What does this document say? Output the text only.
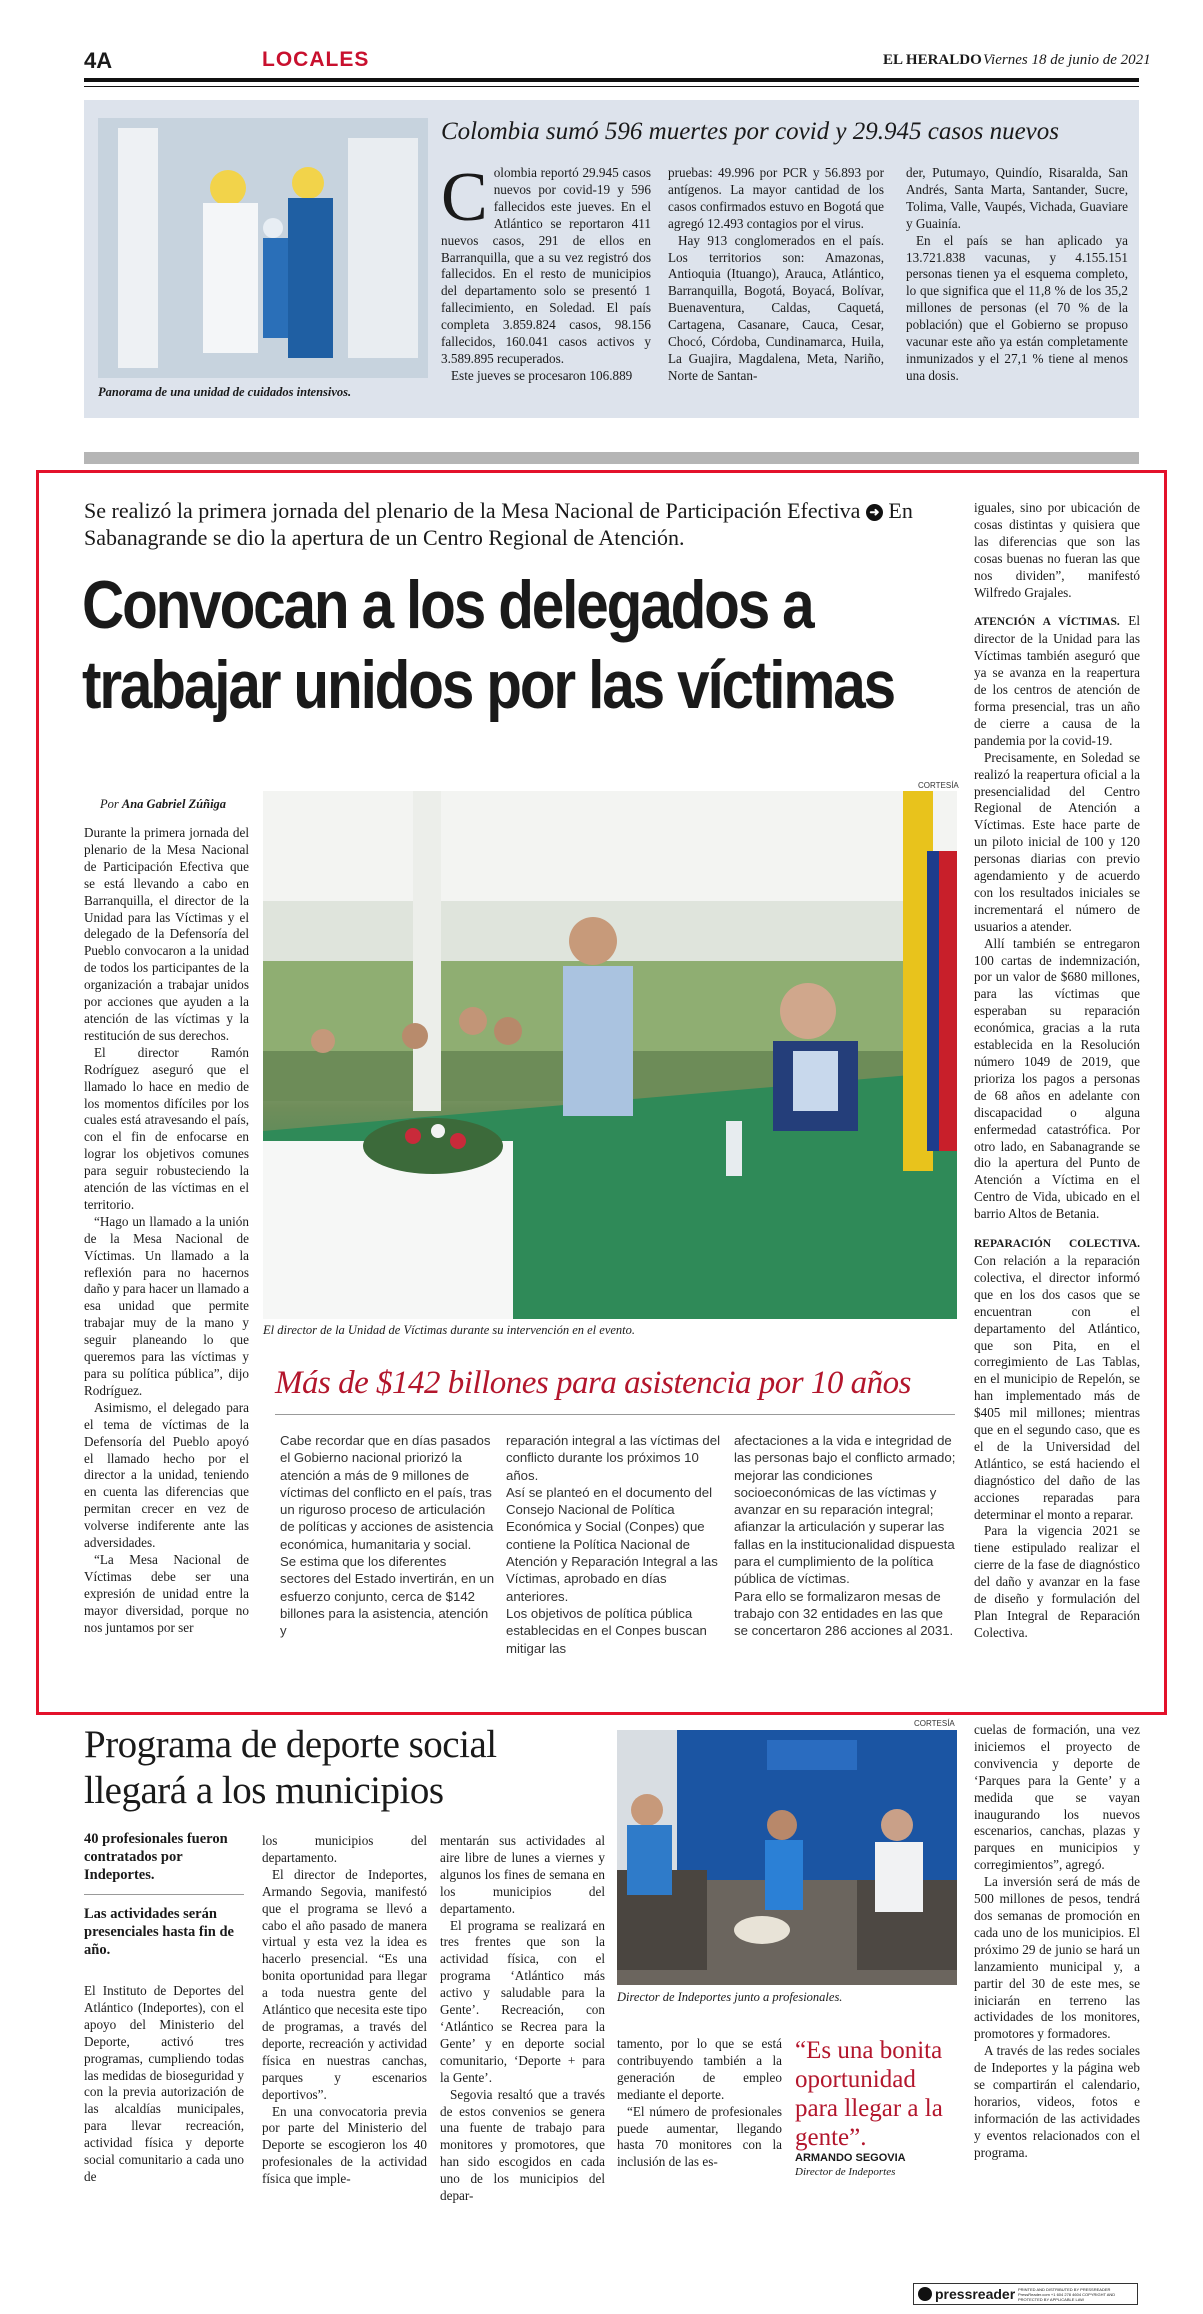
4A	LOCALES	EL HERALDO Viernes 18 de junio de 2021
Panorama de una unidad de cuidados intensivos.
Colombia sumó 596 muertes por covid y 29.945 casos nuevos
Colombia reportó 29.945 casos nuevos por covid-19 y 596 fallecidos este jueves. En el Atlántico se reportaron 411 nuevos casos, 291 de ellos en Barranquilla, que a su vez registró dos fallecidos. En el resto de municipios del departamento solo se presentó 1 fallecimiento, en Soledad. El país completa 3.859.824 casos, 98.156 fallecidos, 160.041 casos activos y 3.589.895 recuperados.
Este jueves se procesaron 106.889
pruebas: 49.996 por PCR y 56.893 por antígenos. La mayor cantidad de los casos confirmados estuvo en Bogotá que agregó 12.493 contagios por el virus.
Hay 913 conglomerados en el país. Los territorios son: Amazonas, Antioquia (Ituango), Arauca, Atlántico, Barranquilla, Bogotá, Boyacá, Bolívar, Buenaventura, Caldas, Caquetá, Cartagena, Casanare, Cauca, Cesar, Chocó, Córdoba, Cundinamarca, Huila, La Guajira, Magdalena, Meta, Nariño, Norte de Santan-
der, Putumayo, Quindío, Risaralda, San Andrés, Santa Marta, Santander, Sucre, Tolima, Valle, Vaupés, Vichada, Guaviare y Guainía.
En el país se han aplicado ya 13.721.838 vacunas, y 4.155.151 personas tienen ya el esquema completo, lo que significa que el 11,8 % de los 35,2 millones de personas (el 70 % de la población) que el Gobierno se propuso vacunar este año ya están completamente inmunizados y el 27,1 % tiene al menos una dosis.
Se realizó la primera jornada del plenario de la Mesa Nacional de Participación Efectiva ➜ En Sabanagrande se dio la apertura de un Centro Regional de Atención.
Convocan a los delegados a
trabajar unidos por las víctimas
Por Ana Gabriel Zúñiga
CORTESÍA
El director de la Unidad de Víctimas durante su intervención en el evento.

Durante la primera jornada del plenario de la Mesa Nacional de Participación Efectiva que se está llevando a cabo en Barranquilla, el director de la Unidad para las Víctimas y el delegado de la Defensoría del Pueblo convocaron a la unidad de todos los participantes de la organización a trabajar unidos por acciones que ayuden a la atención de las víctimas y la restitución de sus derechos.

El director Ramón Rodríguez aseguró que el llamado lo hace en medio de los momentos difíciles por los cuales está atravesando el país, con el fin de enfocarse en lograr los objetivos comunes para seguir robusteciendo la atención de las víctimas en el territorio.

“Hago un llamado a la unión de la Mesa Nacional de Víctimas. Un llamado a la reflexión para no hacernos daño y para hacer un llamado a esa unidad que permite trabajar muy de la mano y seguir planeando lo que queremos para las víctimas y para su política pública”, dijo Rodríguez.

Asimismo, el delegado para el tema de víctimas de la Defensoría del Pueblo apoyó el llamado hecho por el director a la unidad, teniendo en cuenta las diferencias que permitan crecer en vez de volverse indiferente ante las adversidades.

“La Mesa Nacional de Víctimas debe ser una expresión de unidad entre la mayor diversidad, porque no nos juntamos por ser

iguales, sino por ubicación de cosas distintas y quisiera que las diferencias que son las cosas buenas no fueran las que nos dividen”, manifestó Wilfredo Grajales.

ATENCIÓN A VÍCTIMAS. El director de la Unidad para las Víctimas también aseguró que ya se avanza en la reapertura de los centros de atención de forma presencial, tras un año de cierre a causa de la pandemia por la covid-19.

Precisamente, en Soledad se realizó la reapertura oficial a la presencialidad del Centro Regional de Atención a Víctimas. Este hace parte de un piloto inicial de 100 y 120 personas diarias con previo agendamiento y de acuerdo con los resultados iniciales se incrementará el número de usuarios a atender.

Allí también se entregaron 100 cartas de indemnización, por un valor de $680 millones, para las víctimas que esperaban su reparación económica, gracias a la ruta establecida en la Resolución número 1049 de 2019, que prioriza los pagos a personas de 68 años en adelante con discapacidad o alguna enfermedad catastrófica. Por otro lado, en Sabanagrande se dio la apertura del Punto de Atención a Víctima en el Centro de Vida, ubicado en el barrio Altos de Betania.

REPARACIÓN COLECTIVA. Con relación a la reparación colectiva, el director informó que en los dos casos que se encuentran con el departamento del Atlántico, que son Pita, en el corregimiento de Las Tablas, en el municipio de Repelón, se han implementado más de $405 mil millones; mientras que en el segundo caso, que es el de la Universidad del Atlántico, se está haciendo el diagnóstico del daño de las acciones reparadas para determinar el monto a reparar.

Para la vigencia 2021 se tiene estipulado realizar el cierre de la fase de diagnóstico del daño y avanzar en la fase de diseño y formulación del Plan Integral de Reparación Colectiva.

Más de $142 billones para asistencia por 10 años

Cabe recordar que en días pasados el Gobierno nacional priorizó la atención a más de 9 millones de víctimas del conflicto en el país, tras un riguroso proceso de articulación de políticas y acciones de asistencia económica, humanitaria y social.

Se estima que los diferentes sectores del Estado invertirán, en un esfuerzo conjunto, cerca de $142 billones para la asistencia, atención y

reparación integral a las víctimas del conflicto durante los próximos 10 años.

Así se planteó en el documento del Consejo Nacional de Política Económica y Social (Conpes) que contiene la Política Nacional de Atención y Reparación Integral a las Víctimas, aprobado en días anteriores.

Los objetivos de política pública establecidas en el Conpes buscan mitigar las

afectaciones a la vida e integridad de las personas bajo el conflicto armado; mejorar las condiciones socioeconómicas de las víctimas y avanzar en su reparación integral; afianzar la articulación y superar las fallas en la institucionalidad dispuesta para el cumplimiento de la política pública de víctimas.

Para ello se formalizaron mesas de trabajo con 32 entidades en las que se concertaron 286 acciones al 2031.

Programa de deporte social llegará a los municipios
40 profesionales fueron contratados por Indeportes.
Las actividades serán presenciales hasta fin de año.
El Instituto de Deportes del Atlántico (Indeportes), con el apoyo del Ministerio del Deporte, activó tres programas, cumpliendo todas las medidas de bioseguridad y con la previa autorización de las alcaldías municipales, para llevar recreación, actividad física y deporte social comunitario a cada uno de

los municipios del departamento.

El director de Indeportes, Armando Segovia, manifestó que el programa se llevó a cabo el año pasado de manera virtual y esta vez la idea es hacerlo presencial. “Es una bonita oportunidad para llegar a toda nuestra gente del Atlántico que necesita este tipo de programas, a través del deporte, recreación y actividad física en nuestras canchas, parques y escenarios deportivos”.

En una convocatoria previa por parte del Ministerio del Deporte se escogieron los 40 profesionales de la actividad física que imple-

mentarán sus actividades al aire libre de lunes a viernes y algunos los fines de semana en los municipios del departamento.

El programa se realizará en tres frentes que son la actividad física, con el programa ‘Atlántico más activo y saludable para la Gente’. Recreación, con ‘Atlántico se Recrea para la Gente’ y en deporte social comunitario, ‘Deporte + para la Gente’.

Segovia resaltó que a través de estos convenios se genera una fuente de trabajo para monitores y promotores, que han sido escogidos en cada uno de los municipios del depar-

CORTESÍA
Director de Indeportes junto a profesionales.

tamento, por lo que se está contribuyendo también a la generación de empleo mediante el deporte.

“El número de profesionales puede aumentar, llegando hasta 70 monitores con la inclusión de las es-

“Es una bonita oportunidad para llegar a la gente”.
ARMANDO SEGOVIA
Director de Indeportes

cuelas de formación, una vez iniciemos el proyecto de convivencia y deporte de ‘Parques para la Gente’ y a medida que se vayan inaugurando los nuevos escenarios, canchas, plazas y parques en municipios y corregimientos”, agregó.

La inversión será de más de 500 millones de pesos, tendrá dos semanas de promoción en cada uno de los municipios. El próximo 29 de junio se hará un lanzamiento municipal y, a partir del 30 de este mes, se iniciarán en terreno las actividades de los monitores, promotores y formadores.

A través de las redes sociales de Indeportes y la página web se compartirán el calendario, horarios, videos, fotos e información de las actividades y eventos relacionados con el programa.

pressreader PRINTED AND DISTRIBUTED BY PRESSREADER PressReader.com +1 604 278 4604 COPYRIGHT AND PROTECTED BY APPLICABLE LAW
